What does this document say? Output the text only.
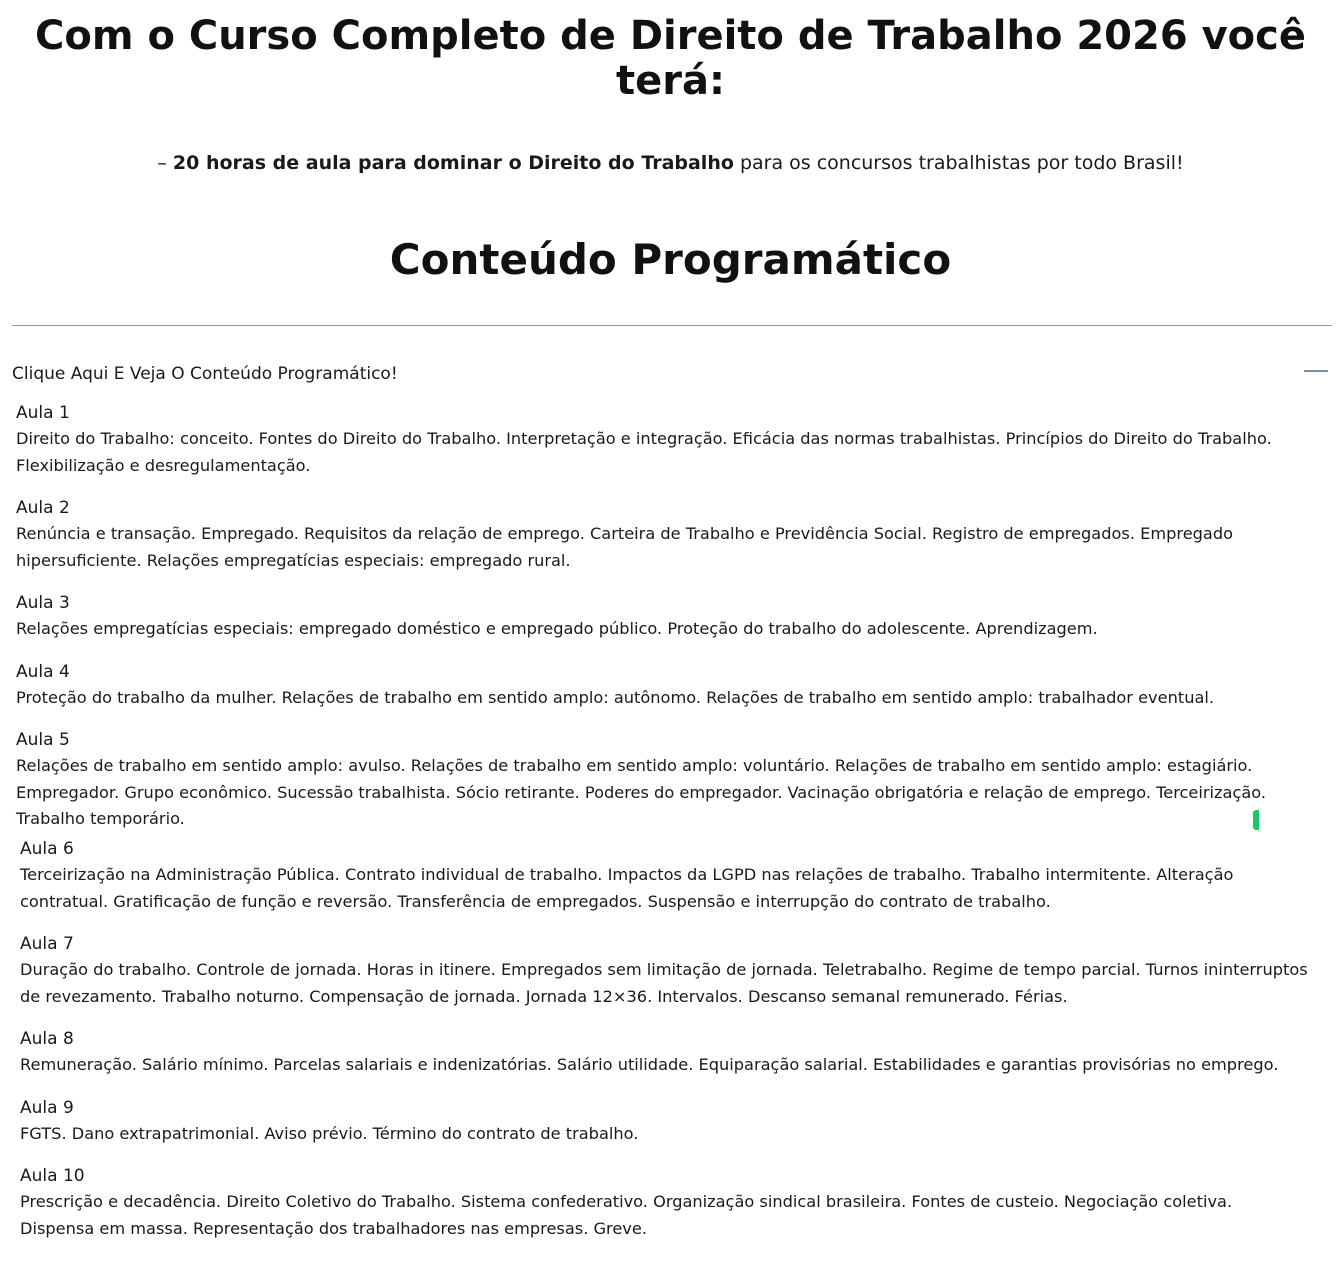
Com o Curso Completo de Direito de Trabalho 2026 você
terá:
– 20 horas de aula para dominar o Direito do Trabalho para os concursos trabalhistas por todo Brasil!
Conteúdo Programático
Clique Aqui E Veja O Conteúdo Programático!
Aula 1
Direito do Trabalho: conceito. Fontes do Direito do Trabalho. Interpretação e integração. Eficácia das normas trabalhistas. Princípios do Direito do Trabalho. Flexibilização e desregulamentação.
Aula 2
Renúncia e transação. Empregado. Requisitos da relação de emprego. Carteira de Trabalho e Previdência Social. Registro de empregados. Empregado hipersuficiente. Relações empregatícias especiais: empregado rural.
Aula 3
Relações empregatícias especiais: empregado doméstico e empregado público. Proteção do trabalho do adolescente. Aprendizagem.
Aula 4
Proteção do trabalho da mulher. Relações de trabalho em sentido amplo: autônomo. Relações de trabalho em sentido amplo: trabalhador eventual.
Aula 5
Relações de trabalho em sentido amplo: avulso. Relações de trabalho em sentido amplo: voluntário. Relações de trabalho em sentido amplo: estagiário. Empregador. Grupo econômico. Sucessão trabalhista. Sócio retirante. Poderes do empregador. Vacinação obrigatória e relação de emprego. Terceirização. Trabalho temporário.
Aula 6
Terceirização na Administração Pública. Contrato individual de trabalho. Impactos da LGPD nas relações de trabalho. Trabalho intermitente. Alteração contratual. Gratificação de função e reversão. Transferência de empregados. Suspensão e interrupção do contrato de trabalho.
Aula 7
Duração do trabalho. Controle de jornada. Horas in itinere. Empregados sem limitação de jornada. Teletrabalho. Regime de tempo parcial. Turnos ininterruptos de revezamento. Trabalho noturno. Compensação de jornada. Jornada 12×36. Intervalos. Descanso semanal remunerado. Férias.
Aula 8
Remuneração. Salário mínimo. Parcelas salariais e indenizatórias. Salário utilidade. Equiparação salarial. Estabilidades e garantias provisórias no emprego.
Aula 9
FGTS. Dano extrapatrimonial. Aviso prévio. Término do contrato de trabalho.
Aula 10
Prescrição e decadência. Direito Coletivo do Trabalho. Sistema confederativo. Organização sindical brasileira. Fontes de custeio. Negociação coletiva. Dispensa em massa. Representação dos trabalhadores nas empresas. Greve.
